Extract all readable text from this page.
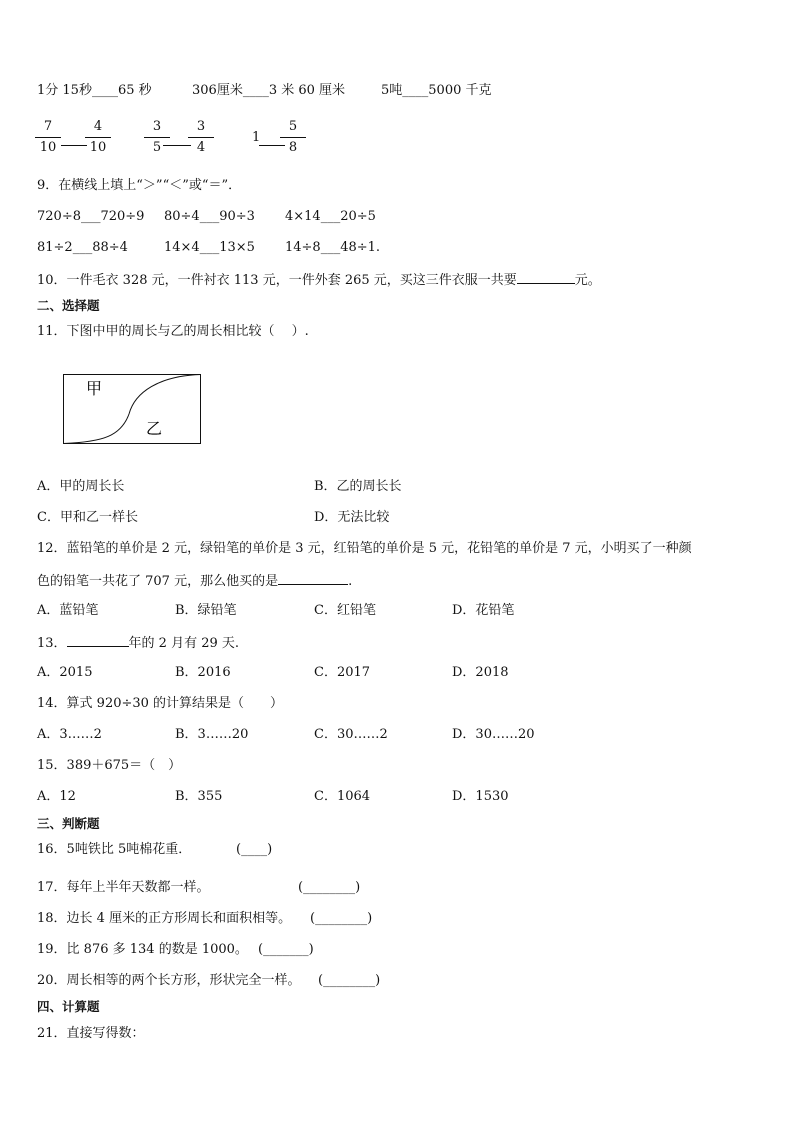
1分 15秒____65 秒	306厘米____3 米 60 厘米	5吨____5000 千克
7
10
4
10
3
5
3
4
1
5
8
9．在横线上填上“＞”“＜”或“＝”．
720÷8___720÷9 80÷4___90÷3 4×14___20÷5
81÷2___88÷4	14×4___13×5 14÷8___48÷1.
10．一件毛衣 328 元，一件衬衣 113 元，一件外套 265 元，买这三件衣服一共要	元。
二、选择题
11．下图中甲的周长与乙的周长相比较（　 ）.
甲
乙
A．甲的周长长	B．乙的周长长
C．甲和乙一样长	D．无法比较
12．蓝铅笔的单价是 2 元，绿铅笔的单价是 3 元，红铅笔的单价是 5 元，花铅笔的单价是 7 元，小明买了一种颜
色的铅笔一共花了 707 元，那么他买的是	.
A．蓝铅笔	B．绿铅笔	C．红铅笔	D．花铅笔
13．	年的 2 月有 29 天.
A．2015	B．2016	C．2017	D．2018
14．算式 920÷30 的计算结果是（　　）
A．3……2	B．3……20	C．30……2	D．30……20
15．389＋675＝（　）
A．12	B．355	C．1064	D．1530
三、判断题
16．5吨铁比 5吨棉花重．	(____)
17．每年上半年天数都一样。	(________)
18．边长 4 厘米的正方形周长和面积相等。 (________)
19．比 876 多 134 的数是 1000。 (_______)
20．周长相等的两个长方形，形状完全一样。 (________)
四、计算题
21．直接写得数：
